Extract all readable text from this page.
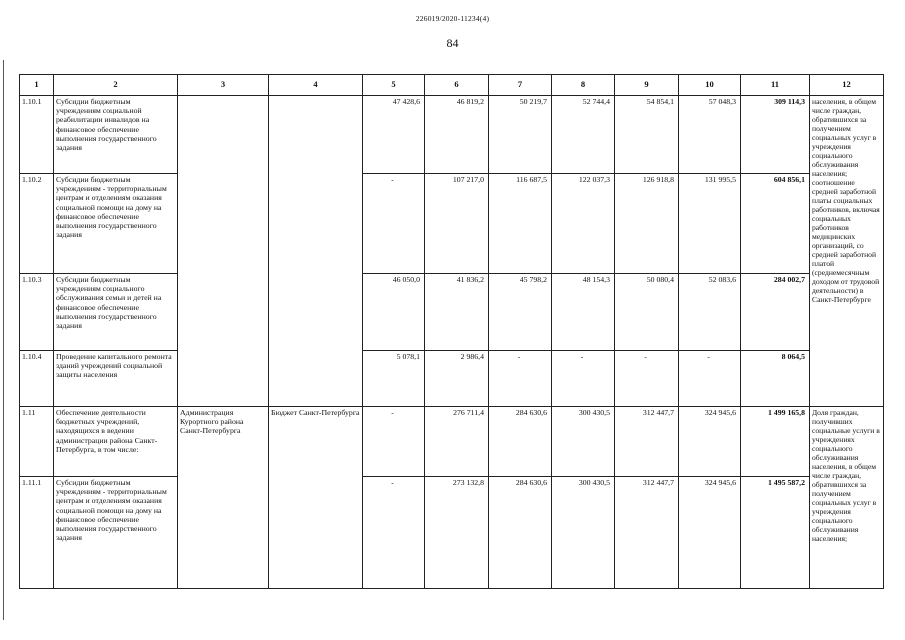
226019/2020-11234(4)
84
1	2	3	4	5	6	7	8	9	10	11	12
1.10.1	Субсидии бюджетным учреждениям социальной реабилитации инвалидов на финансовое обеспечение выполнения государственного задания			47 428,6	46 819,2	50 219,7	52 744,4	54 854,1	57 048,3	309 114,3	населения, в общем числе граждан, обратившихся за получением социальных услуг в учреждения социального обслуживания населения; соотношение средней заработной платы социальных работников, включая социальных работников медицинских организаций, со средней заработной платой (среднемесячным доходом от трудовой деятельности) в Санкт-Петербурге
1.10.2	Субсидии бюджетным учреждениям - территориальным центрам и отделениям оказания социальной помощи на дому на финансовое обеспечение выполнения государственного задания			-	107 217,0	116 687,5	122 037,3	126 918,8	131 995,5	604 856,1	
1.10.3	Субсидии бюджетным учреждениям социального обслуживания семьи и детей на финансовое обеспечение выполнения государственного задания			46 050,0	41 836,2	45 798,2	48 154,3	50 080,4	52 083,6	284 002,7	
1.10.4	Проведение капитального ремонта зданий учреждений социальной защиты населения			5 078,1	2 986,4	-	-	-	-	8 064,5	
1.11	Обеспечение деятельности бюджетных учреждений, находящихся в ведении администрации района Санкт-Петербурга, в том числе:	Администрация Курортного района Санкт-Петербурга	Бюджет Санкт-Петербурга	-	276 711,4	284 630,6	300 430,5	312 447,7	324 945,6	1 499 165,8	Доля граждан, получивших социальные услуги в учреждениях социального обслуживания населения, в общем числе граждан, обратившихся за получением социальных услуг в учреждения социального обслуживания населения;
1.11.1	Субсидии бюджетным учреждениям - территориальным центрам и отделениям оказания социальной помощи на дому на финансовое обеспечение выполнения государственного задания			-	273 132,8	284 630,6	300 430,5	312 447,7	324 945,6	1 495 587,2	
